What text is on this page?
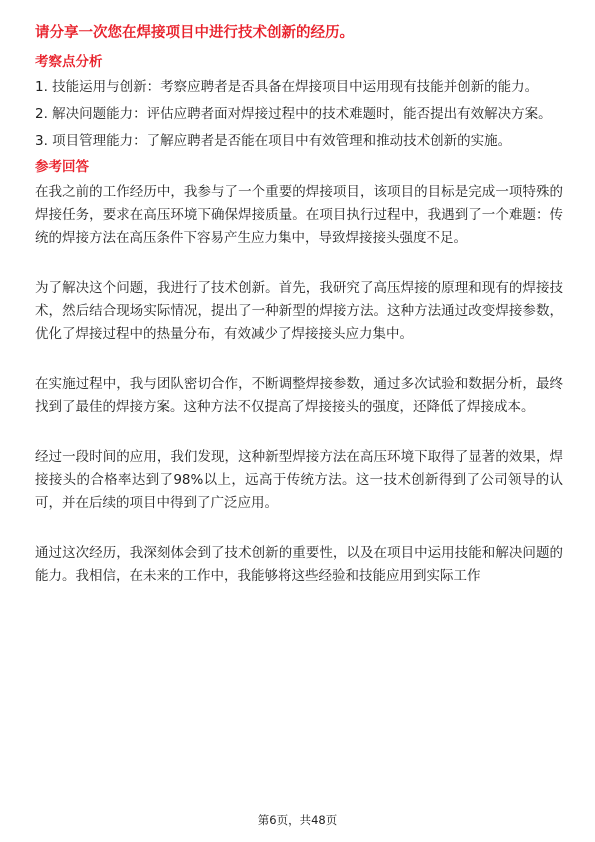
请分享一次您在焊接项目中进行技术创新的经历。
考察点分析
1. 技能运用与创新：考察应聘者是否具备在焊接项目中运用现有技能并创新的能力。
2. 解决问题能力：评估应聘者面对焊接过程中的技术难题时，能否提出有效解决方案。
3. 项目管理能力：了解应聘者是否能在项目中有效管理和推动技术创新的实施。
参考回答
在我之前的工作经历中，我参与了一个重要的焊接项目，该项目的目标是完成一项特殊的焊接任务，要求在高压环境下确保焊接质量。在项目执行过程中，我遇到了一个难题：传统的焊接方法在高压条件下容易产生应力集中，导致焊接接头强度不足。
为了解决这个问题，我进行了技术创新。首先，我研究了高压焊接的原理和现有的焊接技术，然后结合现场实际情况，提出了一种新型的焊接方法。这种方法通过改变焊接参数，优化了焊接过程中的热量分布，有效减少了焊接接头应力集中。
在实施过程中，我与团队密切合作，不断调整焊接参数，通过多次试验和数据分析，最终找到了最佳的焊接方案。这种方法不仅提高了焊接接头的强度，还降低了焊接成本。
经过一段时间的应用，我们发现，这种新型焊接方法在高压环境下取得了显著的效果，焊接接头的合格率达到了98%以上，远高于传统方法。这一技术创新得到了公司领导的认可，并在后续的项目中得到了广泛应用。
通过这次经历，我深刻体会到了技术创新的重要性，以及在项目中运用技能和解决问题的能力。我相信，在未来的工作中，我能够将这些经验和技能应用到实际工作
第6页，共48页
